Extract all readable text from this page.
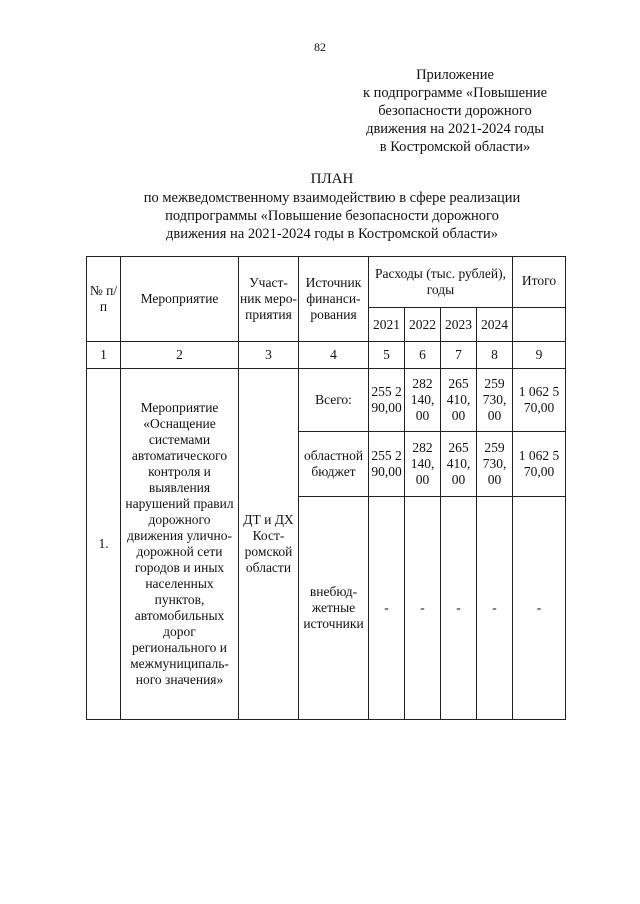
82
Приложение
к подпрограмме «Повышение
безопасности дорожного
движения на 2021-2024 годы
в Костромской области»
ПЛАН
по межведомственному взаимодействию в сфере реализации
подпрограммы «Повышение безопасности дорожного
движения на 2021-2024 годы в Костромской области»
№ п/п	Мероприятие	Участ- ник меро- приятия	Источник финанси- рования	Расходы (тыс. рублей), годы				Итого
				2021	2022	2023	2024	
1	2	3	4	5	6	7	8	9
1.	Мероприятие «Оснащение системами автоматического контроля и выявления нарушений правил дорожного движения улично- дорожной сети городов и иных населенных пунктов, автомобильных дорог регионального и межмуниципаль- ного значения»	ДТ и ДХ Кост- ромской области	Всего:	255 2 90,00	282 140, 00	265 410, 00	259 730, 00	1 062 5 70,00
			областной бюджет	255 2 90,00	282 140, 00	265 410, 00	259 730, 00	1 062 5 70,00
			внебюд- жетные источники	-	-	-	-	-
